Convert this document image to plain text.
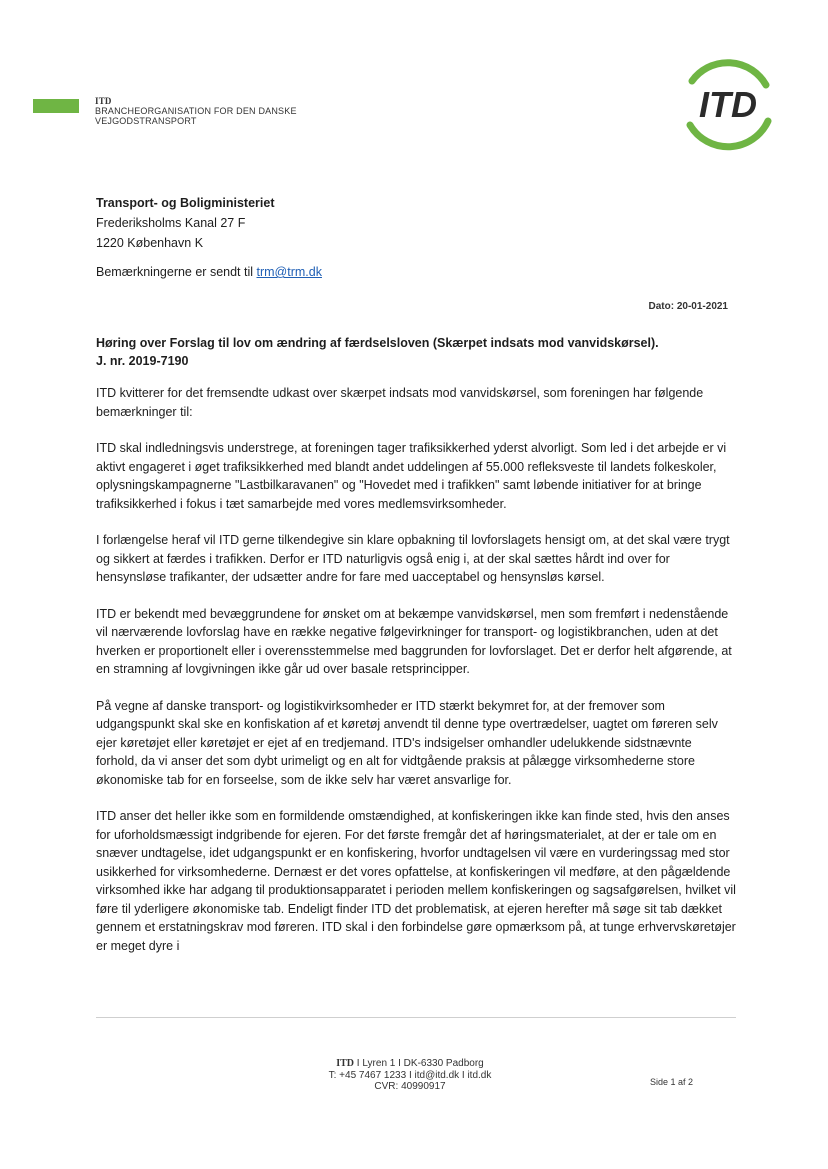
ITD
BRANCHEORGANISATION FOR DEN DANSKE
VEJGODSTRANSPORT	ITD
Transport- og Boligministeriet
Frederiksholms Kanal 27 F
1220 København K
Bemærkningerne er sendt til trm@trm.dk
Dato: 20-01-2021
Høring over Forslag til lov om ændring af færdselsloven (Skærpet indsats mod vanvidskørsel).
J. nr. 2019-7190

ITD kvitterer for det fremsendte udkast over skærpet indsats mod vanvidskørsel, som foreningen har følgende bemærkninger til:

ITD skal indledningsvis understrege, at foreningen tager trafiksikkerhed yderst alvorligt. Som led i det arbejde er vi aktivt engageret i øget trafiksikkerhed med blandt andet uddelingen af 55.000 refleksveste til landets folkeskoler, oplysningskampagnerne "Lastbilkaravanen" og "Hovedet med i trafikken" samt løbende initiativer for at bringe trafiksikkerhed i fokus i tæt samarbejde med vores medlemsvirksomheder.

I forlængelse heraf vil ITD gerne tilkendegive sin klare opbakning til lovforslagets hensigt om, at det skal være trygt og sikkert at færdes i trafikken. Derfor er ITD naturligvis også enig i, at der skal sættes hårdt ind over for hensynsløse trafikanter, der udsætter andre for fare med uacceptabel og hensynsløs kørsel.

ITD er bekendt med bevæggrundene for ønsket om at bekæmpe vanvidskørsel, men som fremført i nedenstående vil nærværende lovforslag have en række negative følgevirkninger for transport- og logistikbranchen, uden at det hverken er proportionelt eller i overensstemmelse med baggrunden for lovforslaget. Det er derfor helt afgørende, at en stramning af lovgivningen ikke går ud over basale retsprincipper.

På vegne af danske transport- og logistikvirksomheder er ITD stærkt bekymret for, at der fremover som udgangspunkt skal ske en konfiskation af et køretøj anvendt til denne type overtrædelser, uagtet om føreren selv ejer køretøjet eller køretøjet er ejet af en tredjemand. ITD's indsigelser omhandler udelukkende sidstnævnte forhold, da vi anser det som dybt urimeligt og en alt for vidtgående praksis at pålægge virksomhederne store økonomiske tab for en forseelse, som de ikke selv har været ansvarlige for.

ITD anser det heller ikke som en formildende omstændighed, at konfiskeringen ikke kan finde sted, hvis den anses for uforholdsmæssigt indgribende for ejeren. For det første fremgår det af høringsmaterialet, at der er tale om en snæver undtagelse, idet udgangspunkt er en konfiskering, hvorfor undtagelsen vil være en vurderingssag med stor usikkerhed for virksomhederne. Dernæst er det vores opfattelse, at konfiskeringen vil medføre, at den pågældende virksomhed ikke har adgang til produktionsapparatet i perioden mellem konfiskeringen og sagsafgørelsen, hvilket vil føre til yderligere økonomiske tab. Endeligt finder ITD det problematisk, at ejeren herefter må søge sit tab dækket gennem et erstatningskrav mod føreren. ITD skal i den forbindelse gøre opmærksom på, at tunge erhvervskøretøjer er meget dyre i

ITD I Lyren 1 I DK-6330 Padborg
T: +45 7467 1233 I itd@itd.dk I itd.dk
CVR: 40990917	Side 1 af 2
